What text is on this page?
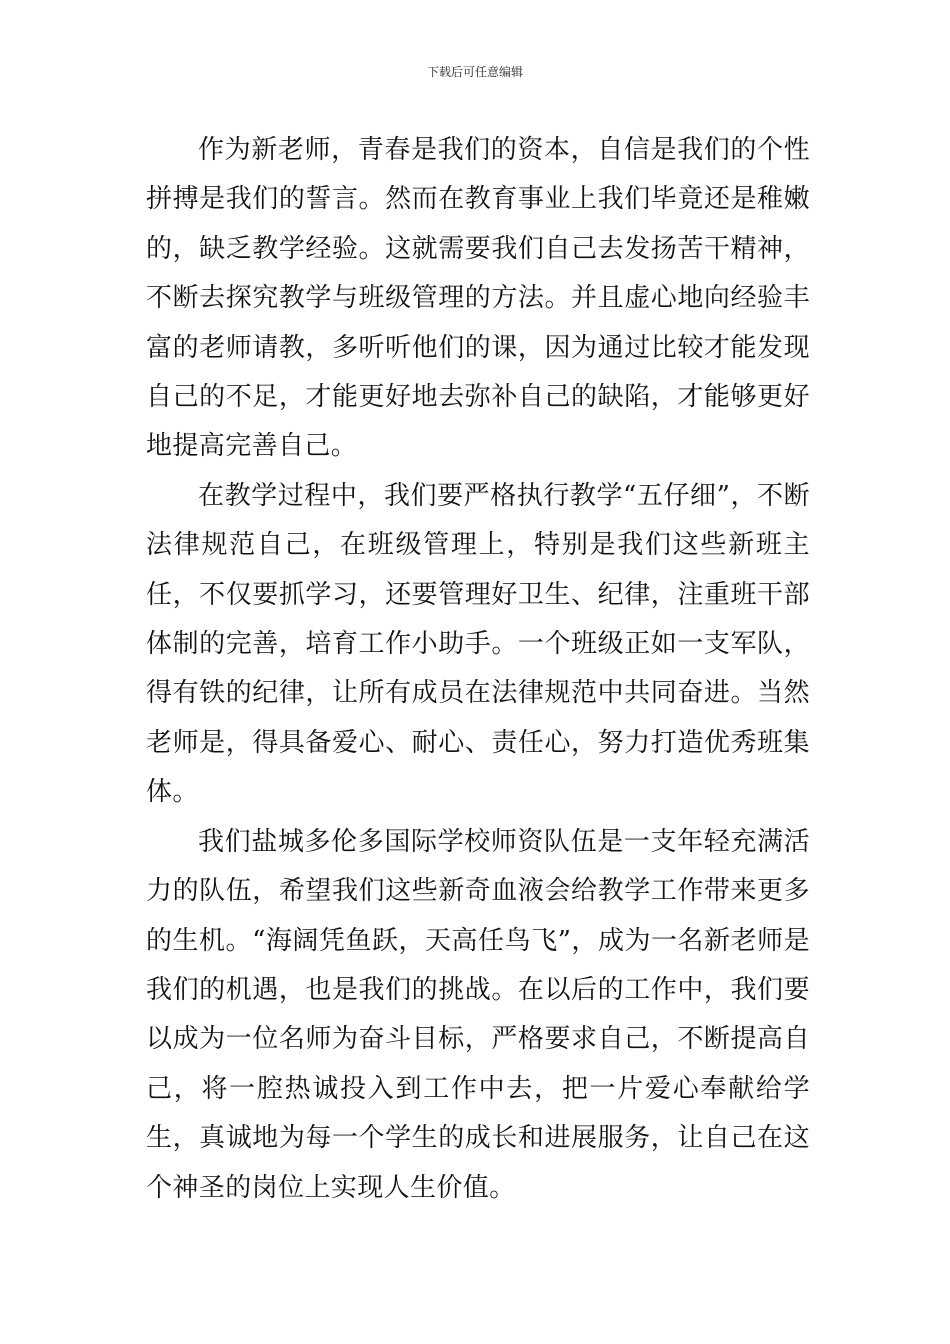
下载后可任意编辑

作为新老师，青春是我们的资本，自信是我们的个性拼搏是我们的誓言。然而在教育事业上我们毕竟还是稚嫩的，缺乏教学经验。这就需要我们自己去发扬苦干精神，不断去探究教学与班级管理的方法。并且虚心地向经验丰富的老师请教，多听听他们的课，因为通过比较才能发现自己的不足，才能更好地去弥补自己的缺陷，才能够更好地提高完善自己。

在教学过程中，我们要严格执行教学“五仔细”，不断法律规范自己，在班级管理上，特别是我们这些新班主任，不仅要抓学习，还要管理好卫生、纪律，注重班干部体制的完善，培育工作小助手。一个班级正如一支军队，得有铁的纪律，让所有成员在法律规范中共同奋进。当然老师是，得具备爱心、耐心、责任心，努力打造优秀班集体。

我们盐城多伦多国际学校师资队伍是一支年轻充满活力的队伍，希望我们这些新奇血液会给教学工作带来更多的生机。“海阔凭鱼跃，天高任鸟飞”，成为一名新老师是我们的机遇，也是我们的挑战。在以后的工作中，我们要以成为一位名师为奋斗目标，严格要求自己，不断提高自己，将一腔热诚投入到工作中去，把一片爱心奉献给学生，真诚地为每一个学生的成长和进展服务，让自己在这个神圣的岗位上实现人生价值。
